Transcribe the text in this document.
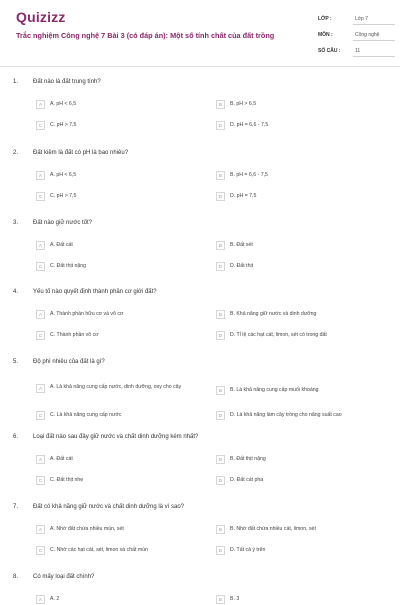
Quizizz
Trắc nghiệm Công nghệ 7 Bài 3 (có đáp án): Một số tính chất của đất trồng
LỚP :	Lớp 7
MÔN :	Công nghệ
SỐ CÂU :	11
1. Đất nào là đất trung tính?
A	A. pH < 6,5	B	B. pH > 6,5
C	C. pH > 7,5	D	D. pH = 6,6 - 7,5
2. Đất kiềm là đất có pH là bao nhiêu?
A	A. pH < 6,5	B	B. pH = 6,6 - 7,5
C	C. pH > 7,5	D	D. pH = 7,5
3. Đất nào giữ nước tốt?
A	A. Đất cát	B	B. Đất sét
C	C. Đất thịt nặng	D	D. Đất thịt
4. Yếu tố nào quyết định thành phần cơ giới đất?
A	A. Thành phần hữu cơ và vô cơ	B	B. Khả năng giữ nước và dinh dưỡng
C	C. Thành phần vô cơ	D	D. Tỉ lệ các hạt cát, limon, sét có trong đất
5. Độ phì nhiêu của đất là gì?
A	A. Là khả năng cung cấp nước, dinh dưỡng, oxy cho cây	B	B. Là khả năng cung cấp muối khoáng
C	C. Là khả năng cung cấp nước	D	D. Là khả năng làm cây trồng cho năng suất cao
6. Loại đất nào sau đây giữ nước và chất dinh dưỡng kém nhất?
A	A. Đất cát	B	B. Đất thịt nặng
C	C. Đất thịt nhẹ	D	D. Đất cát pha
7. Đất có khả năng giữ nước và chất dinh dưỡng là vì sao?
A	A. Nhờ đất chứa nhiều mùn, sét	B	B. Nhờ đất chứa nhiều cát, limon, sét
C	C. Nhờ các hạt cát, sét, limon và chất mùn	D	D. Tất cả ý trên
8. Có mấy loại đất chính?
A	A. 2	B	B. 3
